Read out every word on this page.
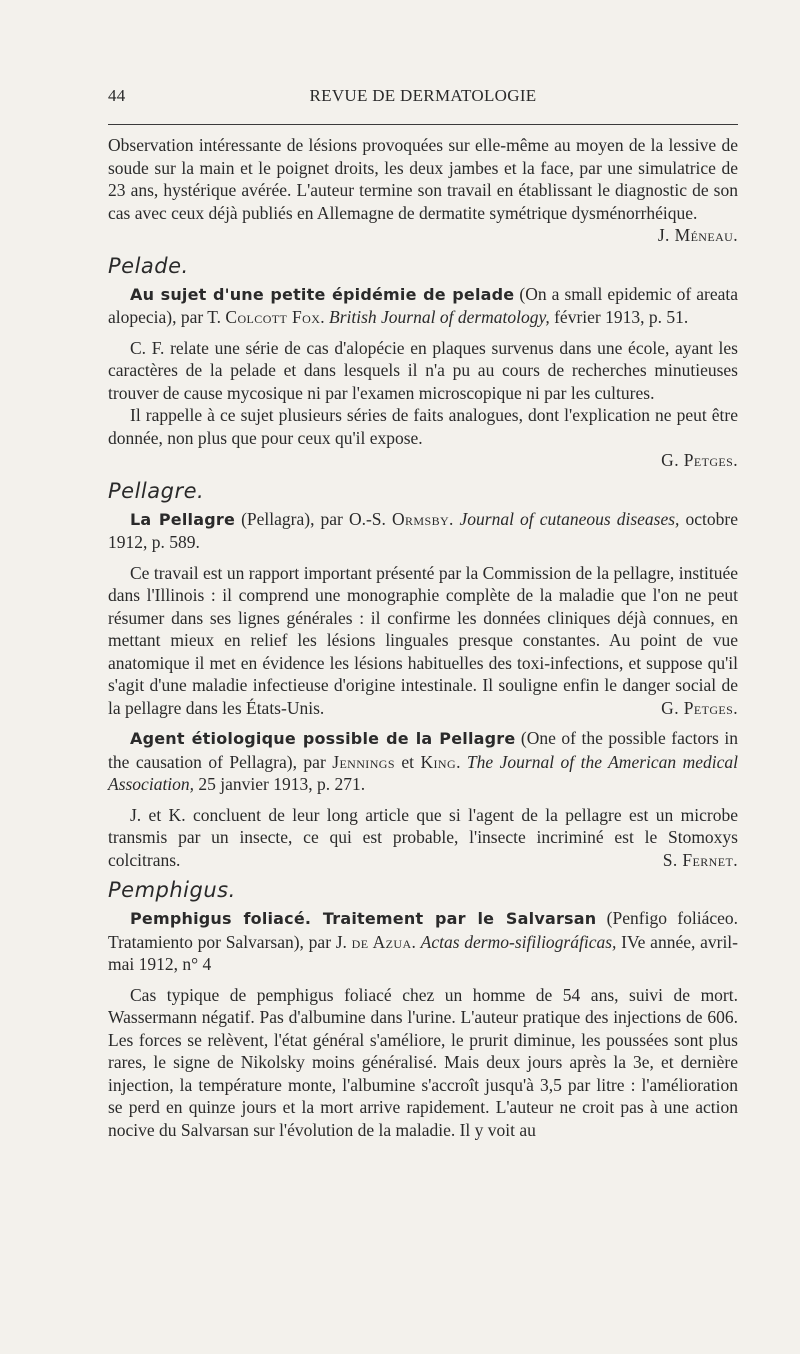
44	REVUE DE DERMATOLOGIE

Observation intéressante de lésions provoquées sur elle-même au moyen de la lessive de soude sur la main et le poignet droits, les deux jambes et la face, par une simulatrice de 23 ans, hystérique avérée. L'auteur termine son travail en établissant le diagnostic de son cas avec ceux déjà publiés en Allemagne de dermatite symétrique dysménorrhéique.
J. Méneau.

Pelade.

Au sujet d'une petite épidémie de pelade (On a small epidemic of areata alopecia), par T. Colcott Fox. British Journal of dermatology, février 1913, p. 51.

C. F. relate une série de cas d'alopécie en plaques survenus dans une école, ayant les caractères de la pelade et dans lesquels il n'a pu au cours de recherches minutieuses trouver de cause mycosique ni par l'examen microscopique ni par les cultures.

Il rappelle à ce sujet plusieurs séries de faits analogues, dont l'explication ne peut être donnée, non plus que pour ceux qu'il expose.

G. Petges.

Pellagre.

La Pellagre (Pellagra), par O.-S. Ormsby. Journal of cutaneous diseases, octobre 1912, p. 589.

Ce travail est un rapport important présenté par la Commission de la pellagre, instituée dans l'Illinois : il comprend une monographie complète de la maladie que l'on ne peut résumer dans ses lignes générales : il confirme les données cliniques déjà connues, en mettant mieux en relief les lésions linguales presque constantes. Au point de vue anatomique il met en évidence les lésions habituelles des toxi-infections, et suppose qu'il s'agit d'une maladie infectieuse d'origine intestinale. Il souligne enfin le danger social de la pellagre dans les États-Unis.	G. Petges.

Agent étiologique possible de la Pellagre (One of the possible factors in the causation of Pellagra), par Jennings et King. The Journal of the American medical Association, 25 janvier 1913, p. 271.

J. et K. concluent de leur long article que si l'agent de la pellagre est un microbe transmis par un insecte, ce qui est probable, l'insecte incriminé est le Stomoxys colcitrans.	S. Fernet.

Pemphigus.

Pemphigus foliacé. Traitement par le Salvarsan (Penfigo foliáceo. Tratamiento por Salvarsan), par J. de Azua. Actas dermo-sifiliográficas, IVe année, avril-mai 1912, n° 4

Cas typique de pemphigus foliacé chez un homme de 54 ans, suivi de mort. Wassermann négatif. Pas d'albumine dans l'urine. L'auteur pratique des injections de 606. Les forces se relèvent, l'état général s'améliore, le prurit diminue, les poussées sont plus rares, le signe de Nikolsky moins généralisé. Mais deux jours après la 3e, et dernière injection, la température monte, l'albumine s'accroît jusqu'à 3,5 par litre : l'amélioration se perd en quinze jours et la mort arrive rapidement. L'auteur ne croit pas à une action nocive du Salvarsan sur l'évolution de la maladie. Il y voit au
